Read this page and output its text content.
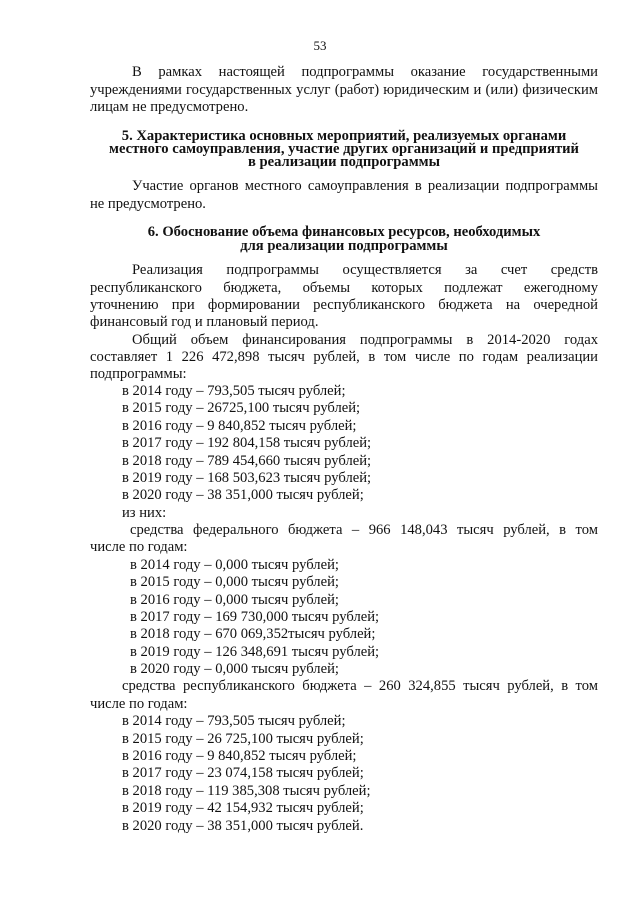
53
В рамках настоящей подпрограммы оказание государственными
учреждениями государственных услуг (работ) юридическим и (или) физическим
лицам не предусмотрено.
5. Характеристика основных мероприятий, реализуемых органами
местного самоуправления, участие других организаций и предприятий
в реализации подпрограммы
Участие органов местного самоуправления в реализации подпрограммы
не предусмотрено.
6. Обоснование объема финансовых ресурсов, необходимых
для реализации подпрограммы
Реализация подпрограммы осуществляется за счет средств
республиканского бюджета, объемы которых подлежат ежегодному
уточнению при формировании республиканского бюджета на очередной
финансовый год и плановый период.
Общий объем финансирования подпрограммы в 2014-2020 годах
составляет 1 226 472,898 тысяч рублей, в том числе по годам реализации
подпрограммы:
в 2014 году – 793,505 тысяч рублей;
в 2015 году – 26725,100 тысяч рублей;
в 2016 году – 9 840,852 тысяч рублей;
в 2017 году – 192 804,158 тысяч рублей;
в 2018 году – 789 454,660 тысяч рублей;
в 2019 году – 168 503,623 тысяч рублей;
в 2020 году – 38 351,000 тысяч рублей;
из них:
средства федерального бюджета – 966 148,043 тысяч рублей, в том
числе по годам:
в 2014 году – 0,000 тысяч рублей;
в 2015 году – 0,000 тысяч рублей;
в 2016 году – 0,000 тысяч рублей;
в 2017 году – 169 730,000 тысяч рублей;
в 2018 году – 670 069,352тысяч рублей;
в 2019 году – 126 348,691 тысяч рублей;
в 2020 году – 0,000 тысяч рублей;
средства республиканского бюджета – 260 324,855 тысяч рублей, в том
числе по годам:
в 2014 году – 793,505 тысяч рублей;
в 2015 году – 26 725,100 тысяч рублей;
в 2016 году – 9 840,852 тысяч рублей;
в 2017 году – 23 074,158 тысяч рублей;
в 2018 году – 119 385,308 тысяч рублей;
в 2019 году – 42 154,932 тысяч рублей;
в 2020 году – 38 351,000 тысяч рублей.
